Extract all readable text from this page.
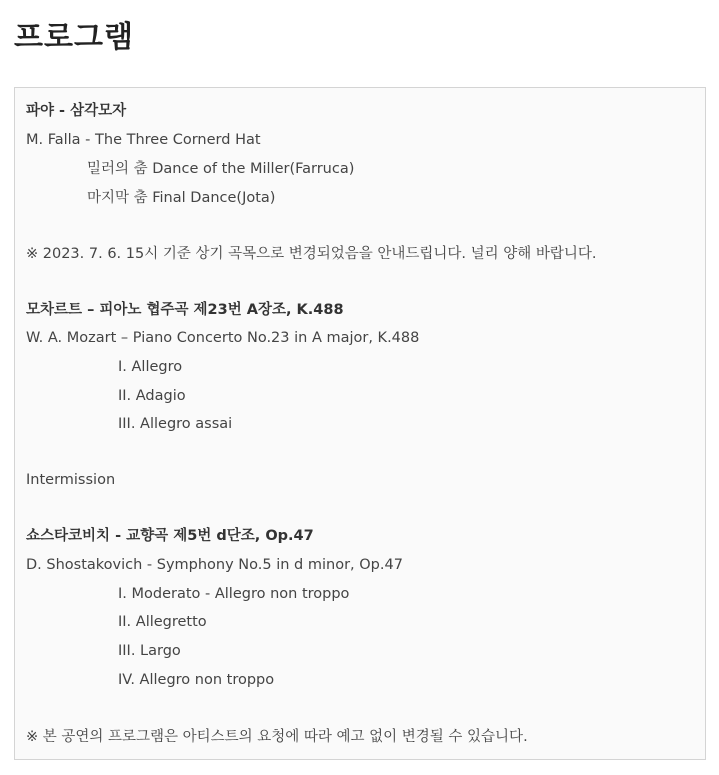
프로그램
파야 - 삼각모자
M. Falla - The Three Cornerd Hat
밀러의 춤 Dance of the Miller(Farruca)
마지막 춤 Final Dance(Jota)
※ 2023. 7. 6. 15시 기준 상기 곡목으로 변경되었음을 안내드립니다. 널리 양해 바랍니다.
모차르트 – 피아노 협주곡 제23번 A장조, K.488
W. A. Mozart – Piano Concerto No.23 in A major, K.488
I. Allegro
II. Adagio
III. Allegro assai
Intermission
쇼스타코비치 - 교향곡 제5번 d단조, Op.47
D. Shostakovich - Symphony No.5 in d minor, Op.47
I. Moderato - Allegro non troppo
II. Allegretto
III. Largo
IV. Allegro non troppo
※ 본 공연의 프로그램은 아티스트의 요청에 따라 예고 없이 변경될 수 있습니다.
